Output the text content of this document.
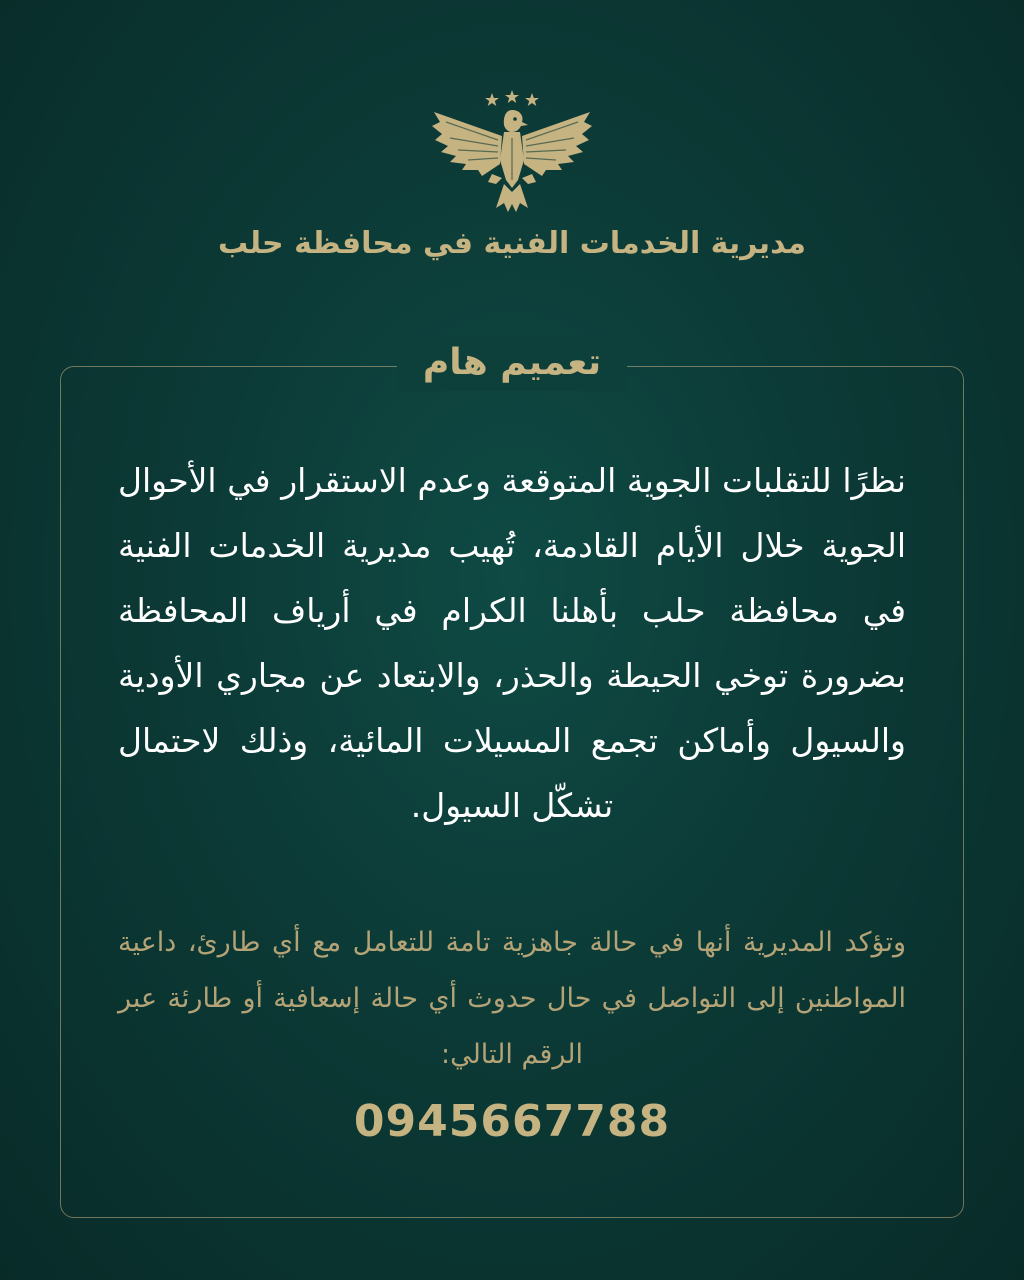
مديرية الخدمات الفنية في محافظة حلب
تعميم هام
نظرًا للتقلبات الجوية المتوقعة وعدم الاستقرار في الأحوال الجوية خلال الأيام القادمة، تُهيب مديرية الخدمات الفنية في محافظة حلب بأهلنا الكرام في أرياف المحافظة بضرورة توخي الحيطة والحذر، والابتعاد عن مجاري الأودية والسيول وأماكن تجمع المسيلات المائية، وذلك لاحتمال تشكّل السيول.
وتؤكد المديرية أنها في حالة جاهزية تامة للتعامل مع أي طارئ، داعية المواطنين إلى التواصل في حال حدوث أي حالة إسعافية أو طارئة عبر الرقم التالي:
0945667788
